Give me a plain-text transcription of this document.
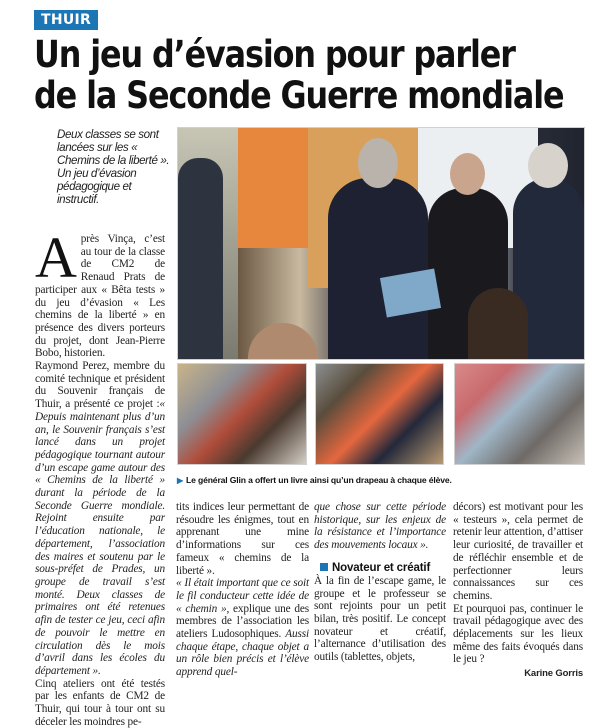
THUIR
Un jeu d’évasion pour parler
de la Seconde Guerre mondiale
Deux classes se sont lancées sur les « Chemins de la liberté ». Un jeu d’évasion pédagogique et instructif.
▶ Le général Glin a offert un livre ainsi qu’un drapeau à chaque élève.

Après Vinça, c’est au tour de la classe de CM2 de Renaud Prats de participer aux « Bêta tests » du jeu d’évasion « Les chemins de la liberté » en présence des divers porteurs du projet, dont Jean-Pierre Bobo, historien.

Raymond Perez, membre du comité technique et président du Souvenir français de Thuir, a présenté ce projet :« Depuis maintenant plus d’un an, le Souvenir français s’est lancé dans un projet pédagogique tournant autour d’un escape game autour des « Chemins de la liberté » durant la période de la Seconde Guerre mondiale. Rejoint ensuite par l’éducation nationale, le département, l’association des maires et soutenu par le sous-préfet de Prades, un groupe de travail s’est monté. Deux classes de primaires ont été retenues afin de tester ce jeu, ceci afin de pouvoir le mettre en circulation dès le mois d’avril dans les écoles du département ».

Cinq ateliers ont été testés par les enfants de CM2 de Thuir, qui tour à tour ont su déceler les moindres pe-

tits indices leur permettant de résoudre les énigmes, tout en apprenant une mine d’informations sur ces fameux « chemins de la liberté ».

« Il était important que ce soit le fil conducteur cette idée de « chemin », explique une des membres de l’association les ateliers Ludosophiques. Aussi chaque étape, chaque objet a un rôle bien précis et l’élève apprend quel-

que chose sur cette période historique, sur les enjeux de la résistance et l’importance des mouvements locaux ».

Novateur et créatif

À la fin de l’escape game, le groupe et le professeur se sont rejoints pour un petit bilan, très positif. Le concept novateur et créatif, l’alternance d’utilisation des outils (tablettes, objets,

décors) est motivant pour les « testeurs », cela permet de retenir leur attention, d’attiser leur curiosité, de travailler et de réfléchir ensemble et de perfectionner leurs connaissances sur ces chemins.

Et pourquoi pas, continuer le travail pédagogique avec des déplacements sur les lieux même des faits évoqués dans le jeu ?

Karine Gorris
